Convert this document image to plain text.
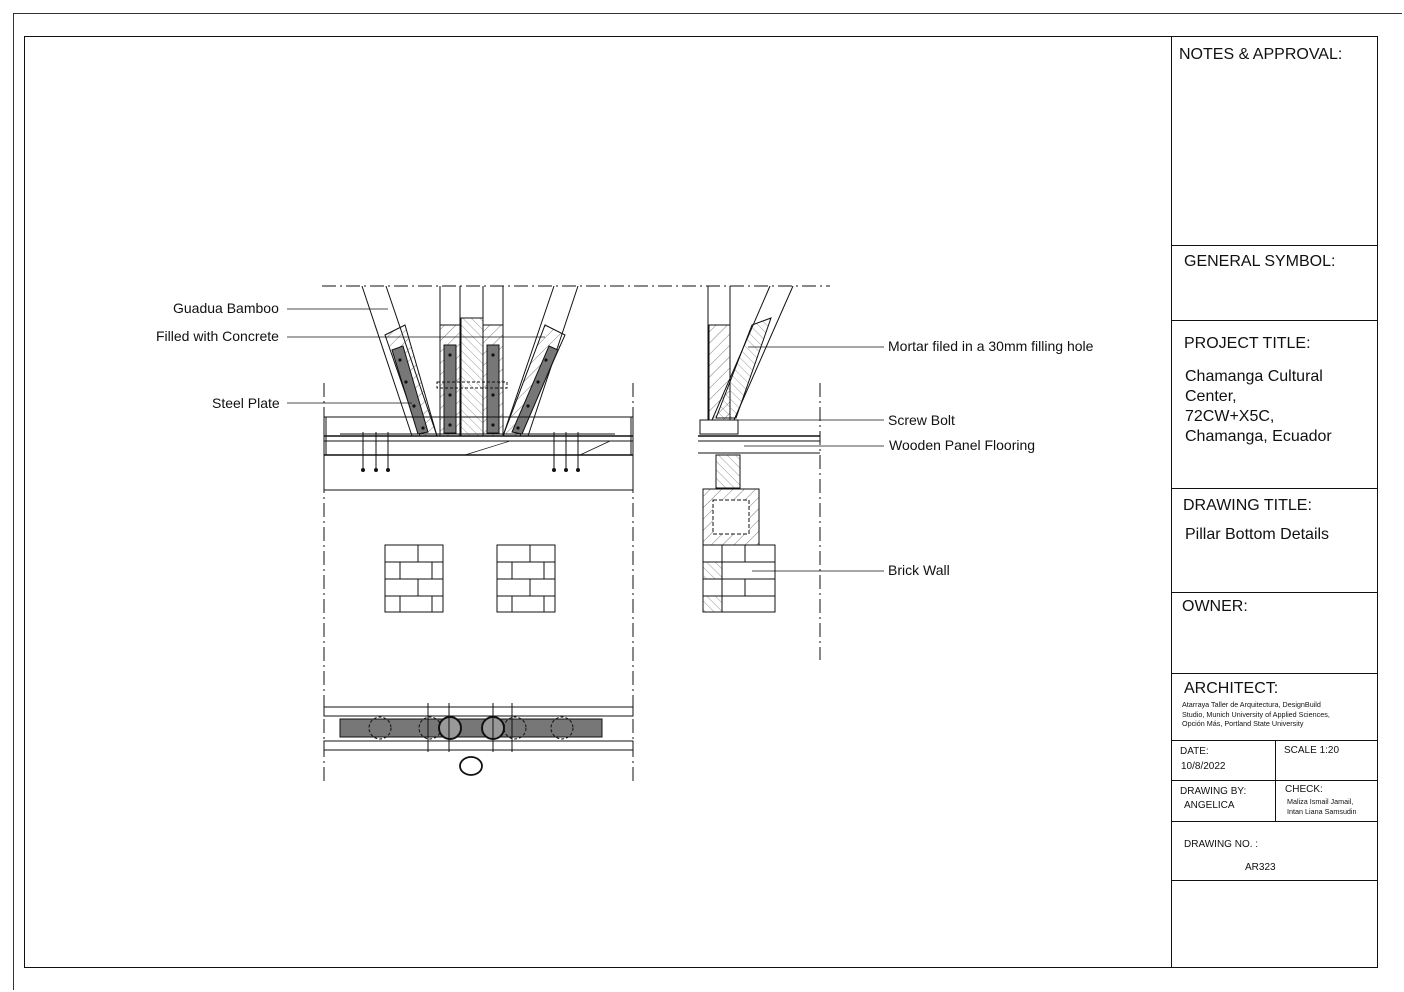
Guadua Bamboo
Filled with Concrete
Steel Plate
Mortar filed in a 30mm filling hole
Screw Bolt
Wooden Panel Flooring
Brick Wall
NOTES & APPROVAL:
GENERAL SYMBOL:
PROJECT TITLE:
Chamanga Cultural
Center,
72CW+X5C,
Chamanga, Ecuador
DRAWING TITLE:
Pillar Bottom Details
OWNER:
ARCHITECT:
Atarraya Taller de Arquitectura, DesignBuild
Studio, Munich University of Applied Sciences,
Opción Más, Portland State University
DATE:
10/8/2022
SCALE 1:20
DRAWING BY:
ANGELICA
CHECK:
Maliza Ismail Jamail,
Intan Liana Samsudin
DRAWING NO. :
AR323
